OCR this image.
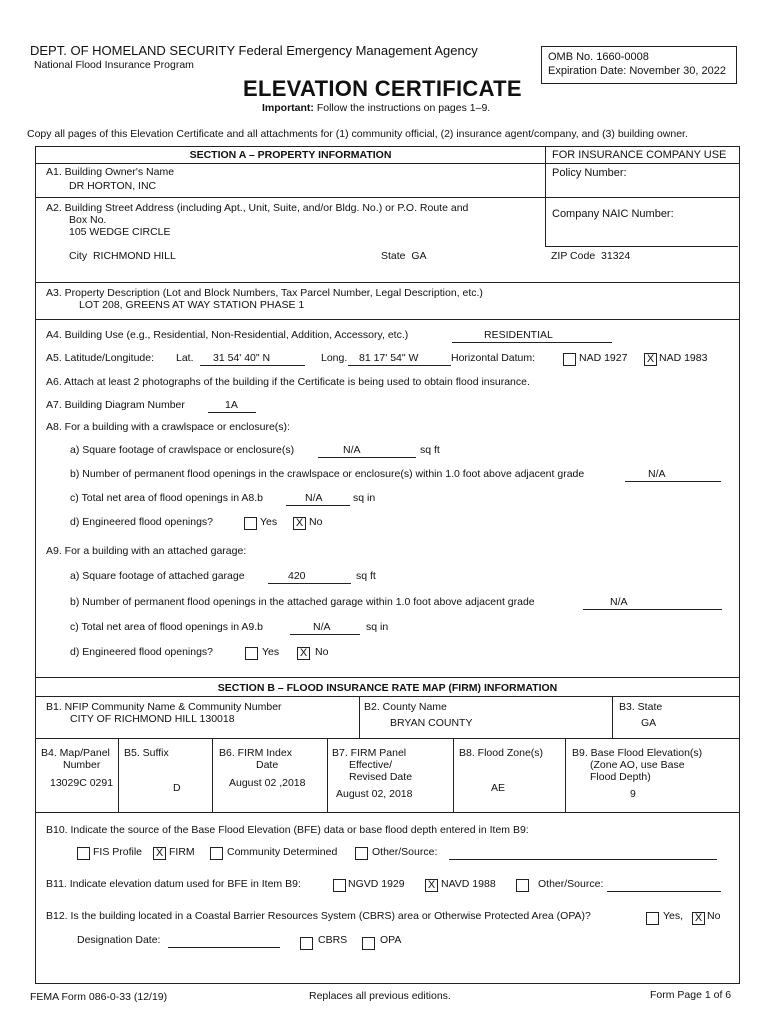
DEPT. OF HOMELAND SECURITY Federal Emergency Management Agency
National Flood Insurance Program
OMB No. 1660-0008
Expiration Date: November 30, 2022
ELEVATION CERTIFICATE
Important: Follow the instructions on pages 1–9.
Copy all pages of this Elevation Certificate and all attachments for (1) community official, (2) insurance agent/company, and (3) building owner.
SECTION A – PROPERTY INFORMATION	FOR INSURANCE COMPANY USE
A1. Building Owner's Name
DR HORTON, INC
Policy Number:
A2. Building Street Address (including Apt., Unit, Suite, and/or Bldg. No.) or P.O. Route and
Box No.
105 WEDGE CIRCLE
Company NAIC Number:
City RICHMOND HILL	State GA	ZIP Code 31324
A3. Property Description (Lot and Block Numbers, Tax Parcel Number, Legal Description, etc.)
LOT 208, GREENS AT WAY STATION PHASE 1
A4. Building Use (e.g., Residential, Non-Residential, Addition, Accessory, etc.)	RESIDENTIAL
A5. Latitude/Longitude: Lat. 31 54' 40" N	Long. 81 17' 54" W	Horizontal Datum:	NAD 1927 X NAD 1983
A6. Attach at least 2 photographs of the building if the Certificate is being used to obtain flood insurance.
A7. Building Diagram Number	1A
A8. For a building with a crawlspace or enclosure(s):
a) Square footage of crawlspace or enclosure(s)	N/A	sq ft
b) Number of permanent flood openings in the crawlspace or enclosure(s) within 1.0 foot above adjacent grade	N/A
c) Total net area of flood openings in A8.b	N/A	sq in
d) Engineered flood openings?	Yes X No
A9. For a building with an attached garage:
a) Square footage of attached garage	420	sq ft
b) Number of permanent flood openings in the attached garage within 1.0 foot above adjacent grade	N/A
c) Total net area of flood openings in A9.b	N/A	sq in
d) Engineered flood openings?	Yes X No
SECTION B – FLOOD INSURANCE RATE MAP (FIRM) INFORMATION
B1. NFIP Community Name & Community Number
CITY OF RICHMOND HILL 130018
B2. County Name
BRYAN COUNTY
B3. State
GA
B4. Map/Panel
Number
13029C 0291
B5. Suffix
D
B6. FIRM Index
Date
August 02 ,2018
B7. FIRM Panel
Effective/
Revised Date
August 02, 2018
B8. Flood Zone(s)
AE
B9. Base Flood Elevation(s)
(Zone AO, use Base
Flood Depth)
9
B10. Indicate the source of the Base Flood Elevation (BFE) data or base flood depth entered in Item B9:
FIS Profile X FIRM	Community Determined	Other/Source:
B11. Indicate elevation datum used for BFE in Item B9:	NGVD 1929 X NAVD 1988	Other/Source:
B12. Is the building located in a Coastal Barrier Resources System (CBRS) area or Otherwise Protected Area (OPA)?	Yes, X No
Designation Date:	CBRS	OPA
FEMA Form 086-0-33 (12/19)	Replaces all previous editions.	Form Page 1 of 6
